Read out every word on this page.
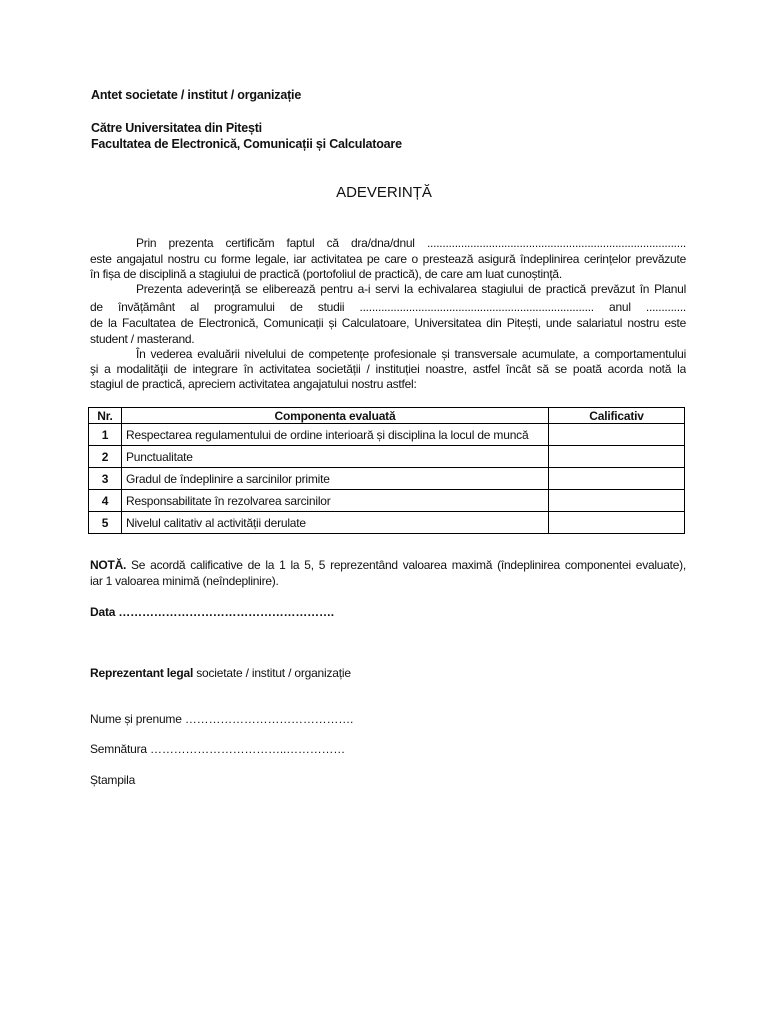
Antet societate / institut / organizație
Către Universitatea din Pitești
Facultatea de Electronică, Comunicații și Calculatoare
ADEVERINȚĂ
Prin prezenta certificăm faptul că dra/dna/dnul ....................................................................................
este angajatul nostru cu forme legale, iar activitatea pe care o prestează asigură îndeplinirea cerințelor prevăzute
în fișa de disciplină a stagiului de practică (portofoliul de practică), de care am luat cunoștință.
Prezenta adeverință se eliberează pentru a-i servi la echivalarea stagiului de practică prevăzut în Planul
de învățământ al programului de studii ............................................................................ anul .............
de la Facultatea de Electronică, Comunicații și Calculatoare, Universitatea din Pitești, unde salariatul nostru este
student / masterand.
În vederea evaluării nivelului de competențe profesionale și transversale acumulate, a comportamentului
şi a modalităţii de integrare în activitatea societății / instituției noastre, astfel încât să se poată acorda notă la
stagiul de practică, apreciem activitatea angajatului nostru astfel:
Nr.	Componenta evaluată	Calificativ
1	Respectarea regulamentului de ordine interioară și disciplina la locul de muncă	
2	Punctualitate	
3	Gradul de îndeplinire a sarcinilor primite	
4	Responsabilitate în rezolvarea sarcinilor	
5	Nivelul calitativ al activității derulate	
NOTĂ. Se acordă calificative de la 1 la 5, 5 reprezentând valoarea maximă (îndeplinirea componentei evaluate),
iar 1 valoarea minimă (neîndeplinire).
Data ……………………………………………….
Reprezentant legal societate / institut / organizație
Nume și prenume …………………………………….
Semnătura ……………………………..……………
Ștampila
